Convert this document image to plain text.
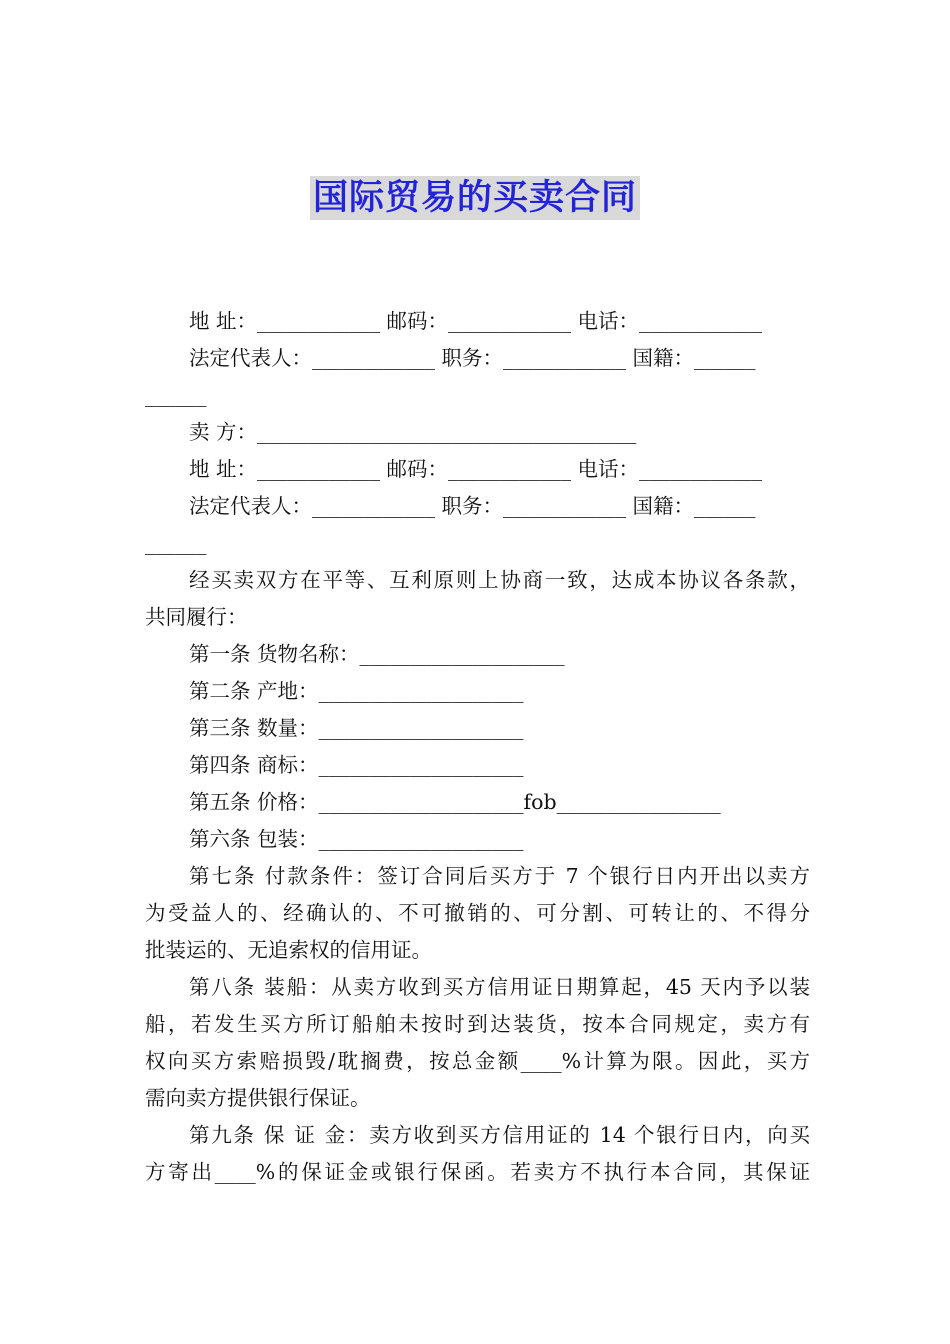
国际贸易的买卖合同
地 址：____________ 邮码：____________ 电话：____________
法定代表人：____________ 职务：____________ 国籍：______
______
卖 方：_____________________________________
地 址：____________ 邮码：____________ 电话：____________
法定代表人：____________ 职务：____________ 国籍：______
______
经买卖双方在平等、互利原则上协商一致，达成本协议各条款，
共同履行：
第一条 货物名称：____________________
第二条 产地：____________________
第三条 数量：____________________
第四条 商标：____________________
第五条 价格：____________________fob________________
第六条 包装：____________________
第七条 付款条件：签订合同后买方于 7 个银行日内开出以卖方
为受益人的、经确认的、不可撤销的、可分割、可转让的、不得分
批装运的、无追索权的信用证。
第八条 装船：从卖方收到买方信用证日期算起，45 天内予以装
船，若发生买方所订船舶未按时到达装货，按本合同规定，卖方有
权向买方索赔损毁/耽搁费，按总金额____%计算为限。因此，买方
需向卖方提供银行保证。
第九条 保 证 金：卖方收到买方信用证的 14 个银行日内，向买
方寄出____%的保证金或银行保函。若卖方不执行本合同，其保证
